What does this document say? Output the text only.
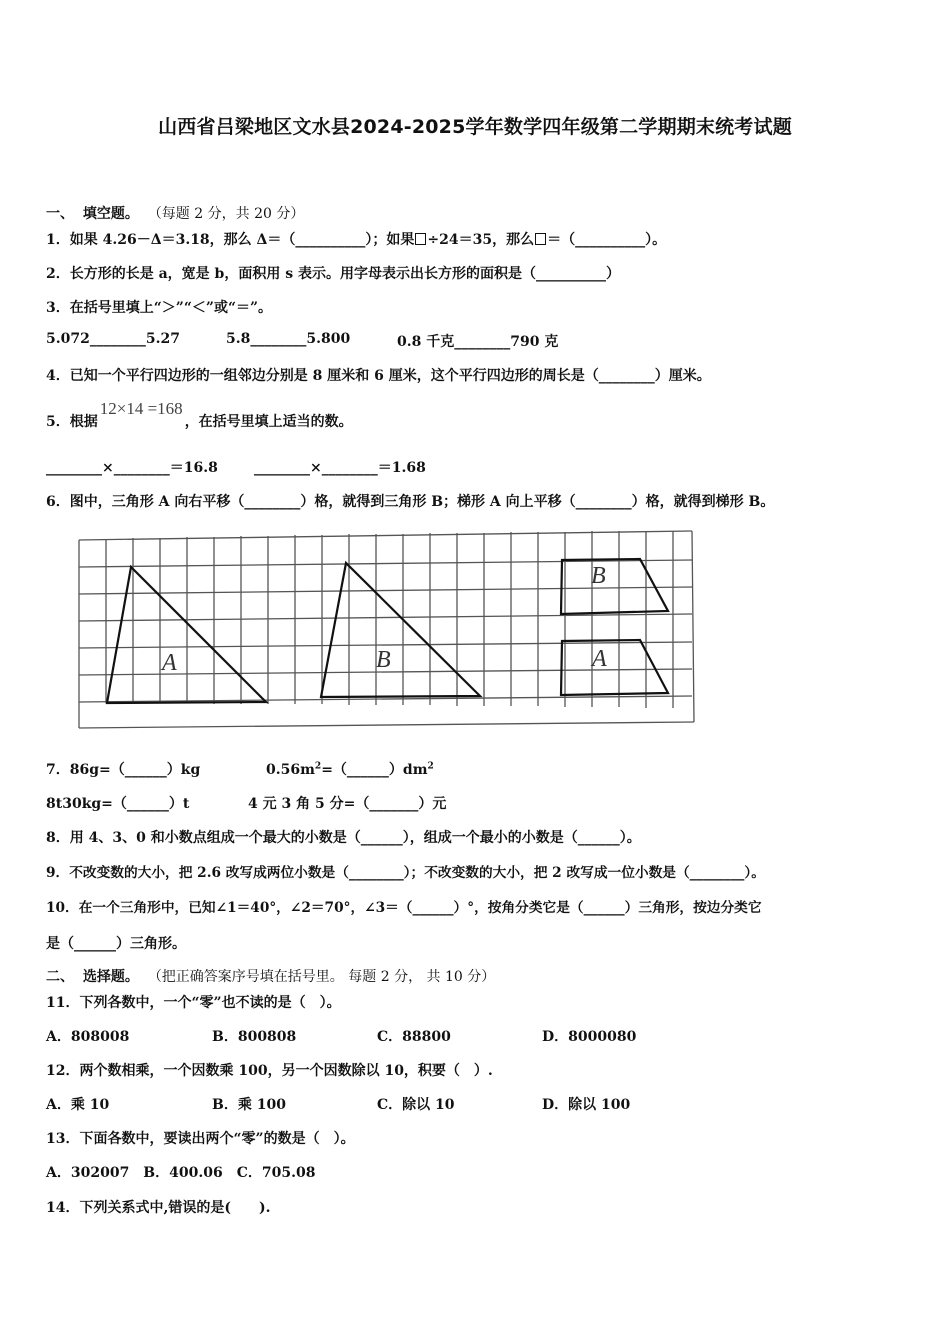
山西省吕梁地区文水县2024-2025学年数学四年级第二学期期末统考试题
一、 填空题。 （每题 2 分，共 20 分）
1．如果 4.26－Δ＝3.18，那么 Δ＝（__________）；如果 ÷24＝35，那么 ＝（__________）。
2．长方形的长是 a，宽是 b，面积用 s 表示。用字母表示出长方形的面积是（__________）
3．在括号里填上“＞”“＜”或“＝”。
5.072________5.27	5.8________5.800	0.8 千克________790 克
4．已知一个平行四边形的一组邻边分别是 8 厘米和 6 厘米，这个平行四边形的周长是（________）厘米。
5．根据12×14 =168，在括号里填上适当的数。
________×________＝16.8	________×________＝1.68
6．图中，三角形 A 向右平移（________）格，就得到三角形 B；梯形 A 向上平移（________）格，就得到梯形 B。
A	B
B
A
7．86g=（______）kg	$0.56m^2=(\_\_\_\_\_\_)dm^2$
8t30kg=（______）t	4 元 3 角 5 分=（_______）元
8．用 4、3、0 和小数点组成一个最大的小数是（______），组成一个最小的小数是（______）。
9．不改变数的大小，把 2.6 改写成两位小数是（________）；不改变数的大小，把 2 改写成一位小数是（________）。
10．在一个三角形中，已知∠1＝40°，∠2＝70°，∠3＝（______）°，按角分类它是（______）三角形，按边分类它
是（______）三角形。
二、 选择题。 （把正确答案序号填在括号里。 每题 2 分， 共 10 分）
11．下列各数中，一个“零”也不读的是（　）。
A．808008	B．800808	C．88800	D．8000080
12．两个数相乘，一个因数乘 100，另一个因数除以 10，积要（　）.
A．乘 10	B．乘 100	C．除以 10	D．除以 100
13．下面各数中，要读出两个“零”的数是（　）。
A．302007　B．400.06　C．705.08
14．下列关系式中,错误的是(　　).
